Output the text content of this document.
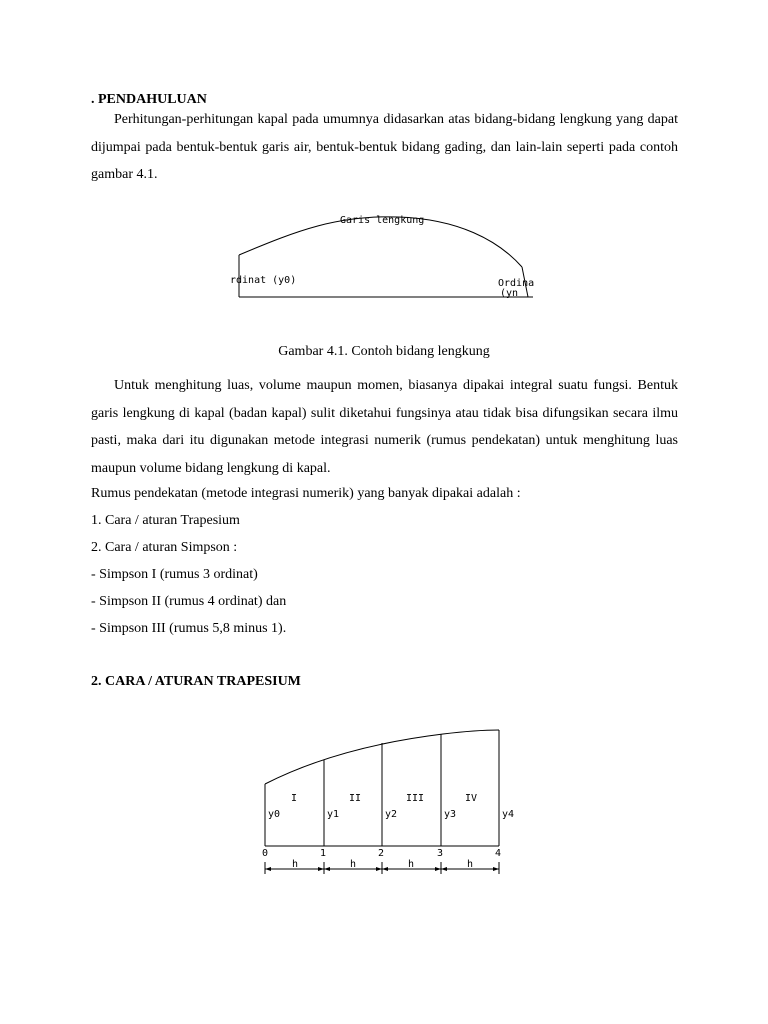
. PENDAHULUAN
Perhitungan-perhitungan kapal pada umumnya didasarkan atas bidang-bidang lengkung yang dapat dijumpai pada bentuk-bentuk garis air, bentuk-bentuk bidang gading, dan lain-lain seperti pada contoh gambar 4.1.
Garis lengkung
rdinat (y0)	Ordina
(yn
Gambar 4.1. Contoh bidang lengkung
Untuk menghitung luas, volume maupun momen, biasanya dipakai integral suatu fungsi. Bentuk garis lengkung di kapal (badan kapal) sulit diketahui fungsinya atau tidak bisa difungsikan secara ilmu pasti, maka dari itu digunakan metode integrasi numerik (rumus pendekatan) untuk menghitung luas maupun volume bidang lengkung di kapal.
Rumus pendekatan (metode integrasi numerik) yang banyak dipakai adalah :
1. Cara / aturan Trapesium
2. Cara / aturan Simpson :
- Simpson I (rumus 3 ordinat)
- Simpson II (rumus 4 ordinat) dan
- Simpson III (rumus 5,8 minus 1).
2. CARA / ATURAN TRAPESIUM
I	II	III	IV
y0	y1	y2	y3	y4
0	1	2	3	4
h	h	h	h
